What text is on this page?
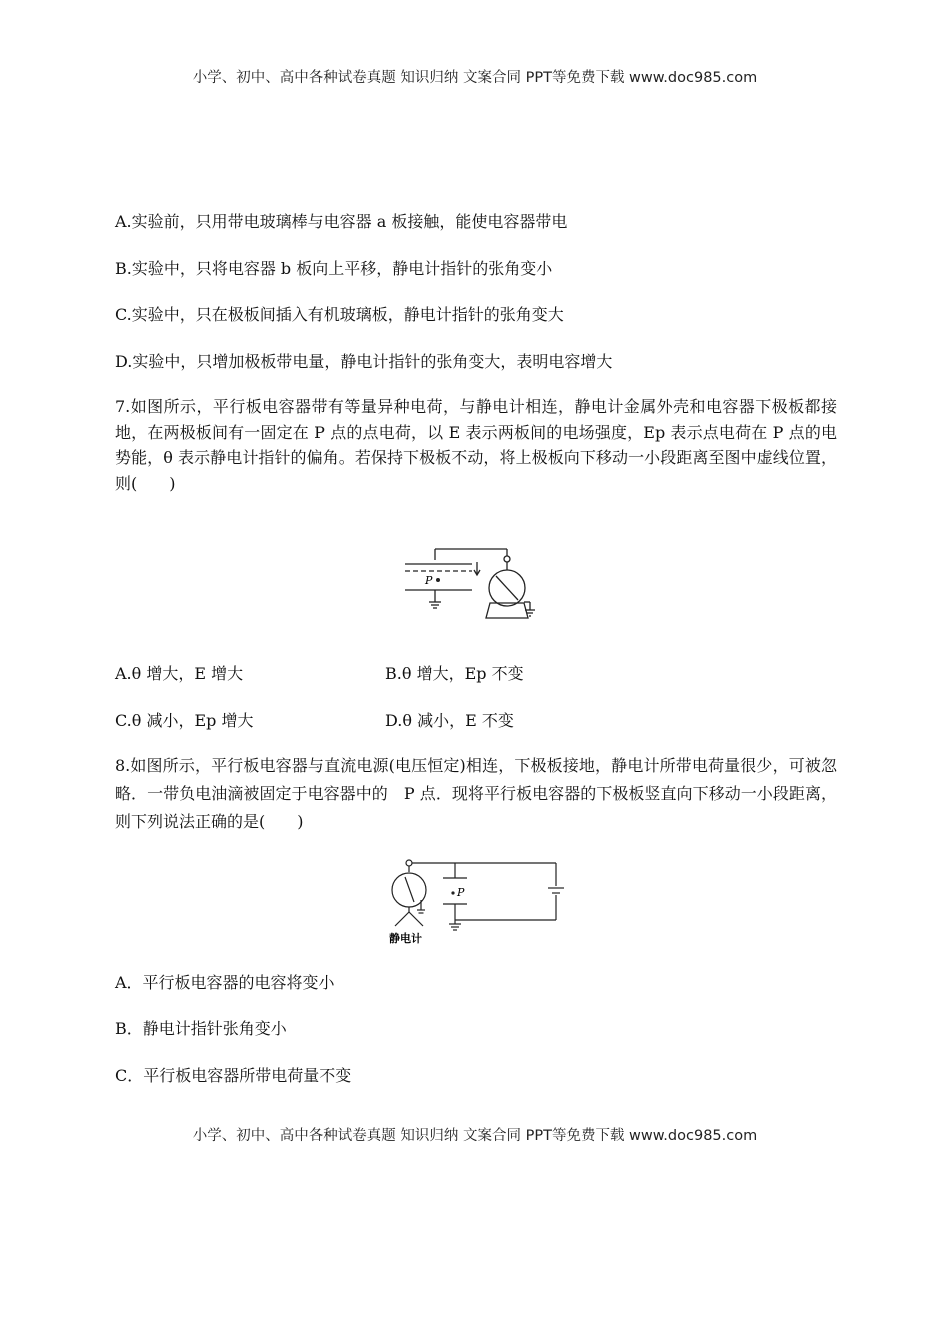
小学、初中、高中各种试卷真题 知识归纳 文案合同 PPT等免费下载 www.doc985.com
A.实验前，只用带电玻璃棒与电容器 a 板接触，能使电容器带电
B.实验中，只将电容器 b 板向上平移，静电计指针的张角变小
C.实验中，只在极板间插入有机玻璃板，静电计指针的张角变大
D.实验中，只增加极板带电量，静电计指针的张角变大，表明电容增大
7.如图所示，平行板电容器带有等量异种电荷，与静电计相连，静电计金属外壳和电容器下极板都接地，在两极板间有一固定在 P 点的点电荷，以 E 表示两板间的电场强度，Ep 表示点电荷在 P 点的电势能，θ 表示静电计指针的偏角。若保持下极板不动，将上极板向下移动一小段距离至图中虚线位置，则(　　)
P
A.θ 增大，E 增大	B.θ 增大，Ep 不变
C.θ 减小，Ep 增大	D.θ 减小，E 不变
8.如图所示，平行板电容器与直流电源(电压恒定)相连，下极板接地，静电计所带电荷量很少，可被忽略．一带负电油滴被固定于电容器中的　P 点．现将平行板电容器的下极板竖直向下移动一小段距离，则下列说法正确的是(　　)
P
静电计
A．平行板电容器的电容将变小
B．静电计指针张角变小
C．平行板电容器所带电荷量不变
小学、初中、高中各种试卷真题 知识归纳 文案合同 PPT等免费下载 www.doc985.com
